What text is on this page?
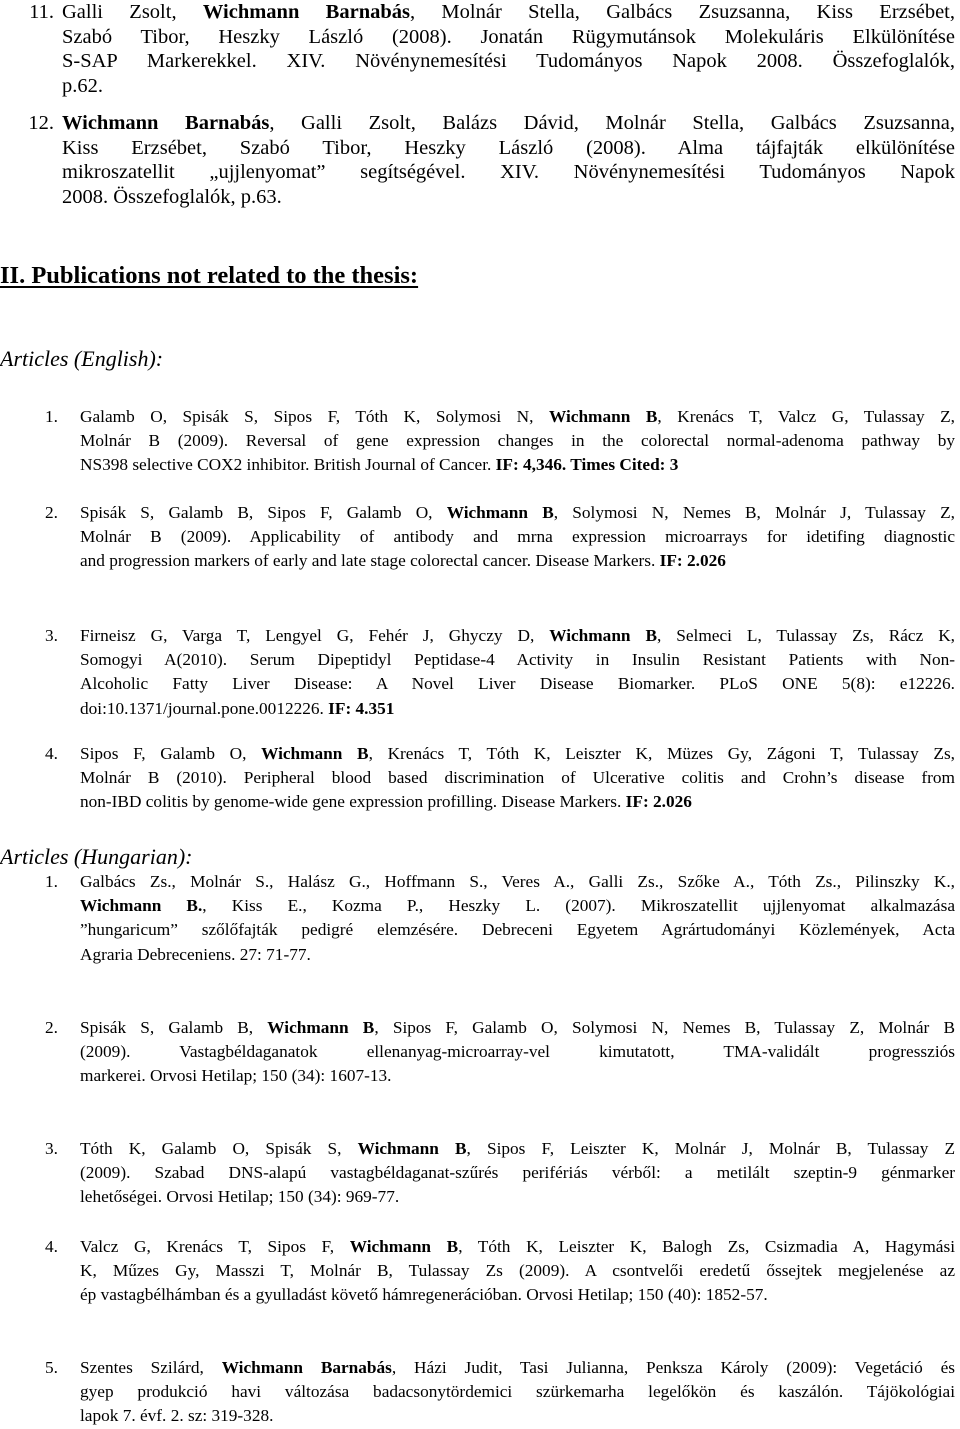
11. Galli Zsolt, Wichmann Barnabás, Molnár Stella, Galbács Zsuzsanna, Kiss Erzsébet,
Szabó Tibor, Heszky László (2008). Jonatán Rügymutánsok Molekuláris Elkülönítése
S-SAP Markerekkel. XIV. Növénynemesítési Tudományos Napok 2008. Összefoglalók,
p.62.
12. Wichmann Barnabás, Galli Zsolt, Balázs Dávid, Molnár Stella, Galbács Zsuzsanna,
Kiss Erzsébet, Szabó Tibor, Heszky László (2008). Alma tájfajták elkülönítése
mikroszatellit „ujjlenyomat” segítségével. XIV. Növénynemesítési Tudományos Napok
2008. Összefoglalók, p.63.
II. Publications not related to the thesis:
Articles (English):
1. Galamb O, Spisák S, Sipos F, Tóth K, Solymosi N, Wichmann B, Krenács T, Valcz G, Tulassay Z,
Molnár B (2009). Reversal of gene expression changes in the colorectal normal-adenoma pathway by
NS398 selective COX2 inhibitor. British Journal of Cancer. IF: 4,346. Times Cited: 3
2. Spisák S, Galamb B, Sipos F, Galamb O, Wichmann B, Solymosi N, Nemes B, Molnár J, Tulassay Z,
Molnár B (2009). Applicability of antibody and mrna expression microarrays for idetifing diagnostic
and progression markers of early and late stage colorectal cancer. Disease Markers. IF: 2.026
3. Firneisz G, Varga T, Lengyel G, Fehér J, Ghyczy D, Wichmann B, Selmeci L, Tulassay Zs, Rácz K,
Somogyi A(2010). Serum Dipeptidyl Peptidase-4 Activity in Insulin Resistant Patients with Non-
Alcoholic Fatty Liver Disease: A Novel Liver Disease Biomarker. PLoS ONE 5(8): e12226.
doi:10.1371/journal.pone.0012226. IF: 4.351
4. Sipos F, Galamb O, Wichmann B, Krenács T, Tóth K, Leiszter K, Müzes Gy, Zágoni T, Tulassay Zs,
Molnár B (2010). Peripheral blood based discrimination of Ulcerative colitis and Crohn’s disease from
non-IBD colitis by genome-wide gene expression profilling. Disease Markers. IF: 2.026
Articles (Hungarian):
1. Galbács Zs., Molnár S., Halász G., Hoffmann S., Veres A., Galli Zs., Szőke A., Tóth Zs., Pilinszky K.,
Wichmann B., Kiss E., Kozma P., Heszky L. (2007). Mikroszatellit ujjlenyomat alkalmazása
”hungaricum” szőlőfajták pedigré elemzésére. Debreceni Egyetem Agrártudományi Közlemények, Acta
Agraria Debreceniens. 27: 71-77.
2. Spisák S, Galamb B, Wichmann B, Sipos F, Galamb O, Solymosi N, Nemes B, Tulassay Z, Molnár B
(2009). Vastagbéldaganatok ellenanyag-microarray-vel kimutatott, TMA-validált progressziós
markerei. Orvosi Hetilap; 150 (34): 1607-13.
3. Tóth K, Galamb O, Spisák S, Wichmann B, Sipos F, Leiszter K, Molnár J, Molnár B, Tulassay Z
(2009). Szabad DNS-alapú vastagbéldaganat-szűrés perifériás vérből: a metilált szeptin-9 génmarker
lehetőségei. Orvosi Hetilap; 150 (34): 969-77.
4. Valcz G, Krenács T, Sipos F, Wichmann B, Tóth K, Leiszter K, Balogh Zs, Csizmadia A, Hagymási
K, Műzes Gy, Masszi T, Molnár B, Tulassay Zs (2009). A csontvelői eredetű őssejtek megjelenése az
ép vastagbélhámban és a gyulladást követő hámregenerációban. Orvosi Hetilap; 150 (40): 1852-57.
5. Szentes Szilárd, Wichmann Barnabás, Házi Judit, Tasi Julianna, Penksza Károly (2009): Vegetáció és
gyep produkció havi változása badacsonytördemici szürkemarha legelőkön és kaszálón. Tájökológiai
lapok 7. évf. 2. sz: 319-328.
